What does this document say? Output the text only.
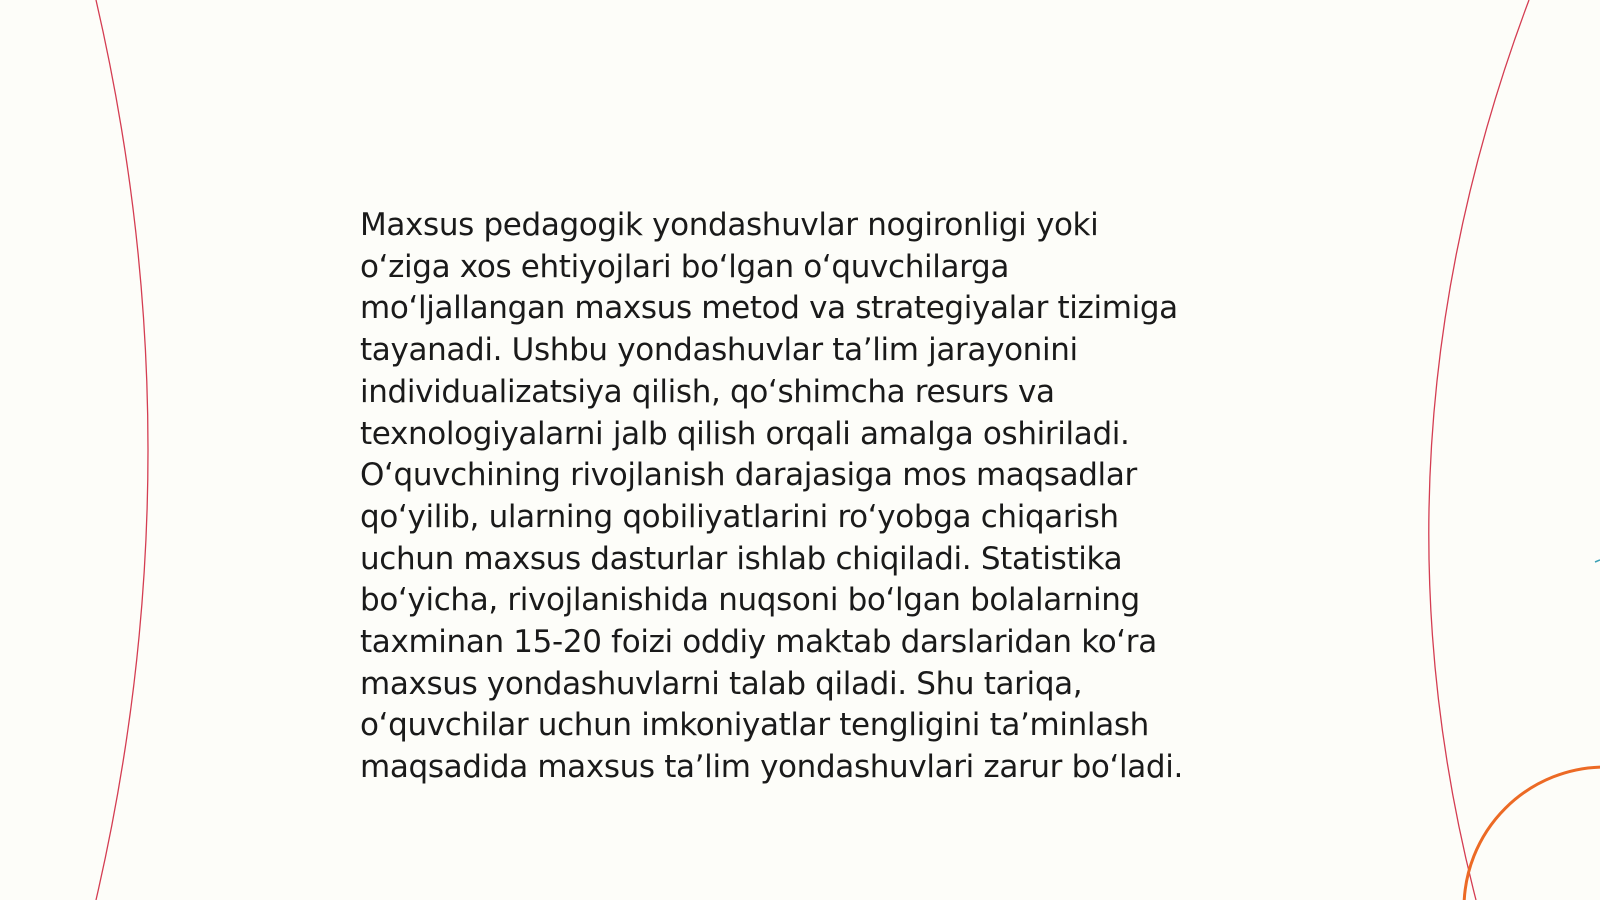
Maxsus pedagogik yondashuvlar nogironligi yoki
o‘ziga xos ehtiyojlari bo‘lgan o‘quvchilarga
mo‘ljallangan maxsus metod va strategiyalar tizimiga
tayanadi. Ushbu yondashuvlar ta’lim jarayonini
individualizatsiya qilish, qo‘shimcha resurs va
texnologiyalarni jalb qilish orqali amalga oshiriladi.
O‘quvchining rivojlanish darajasiga mos maqsadlar
qo‘yilib, ularning qobiliyatlarini ro‘yobga chiqarish
uchun maxsus dasturlar ishlab chiqiladi. Statistika
bo‘yicha, rivojlanishida nuqsoni bo‘lgan bolalarning
taxminan 15-20 foizi oddiy maktab darslaridan ko‘ra
maxsus yondashuvlarni talab qiladi. Shu tariqa,
o‘quvchilar uchun imkoniyatlar tengligini ta’minlash
maqsadida maxsus ta’lim yondashuvlari zarur bo‘ladi.
